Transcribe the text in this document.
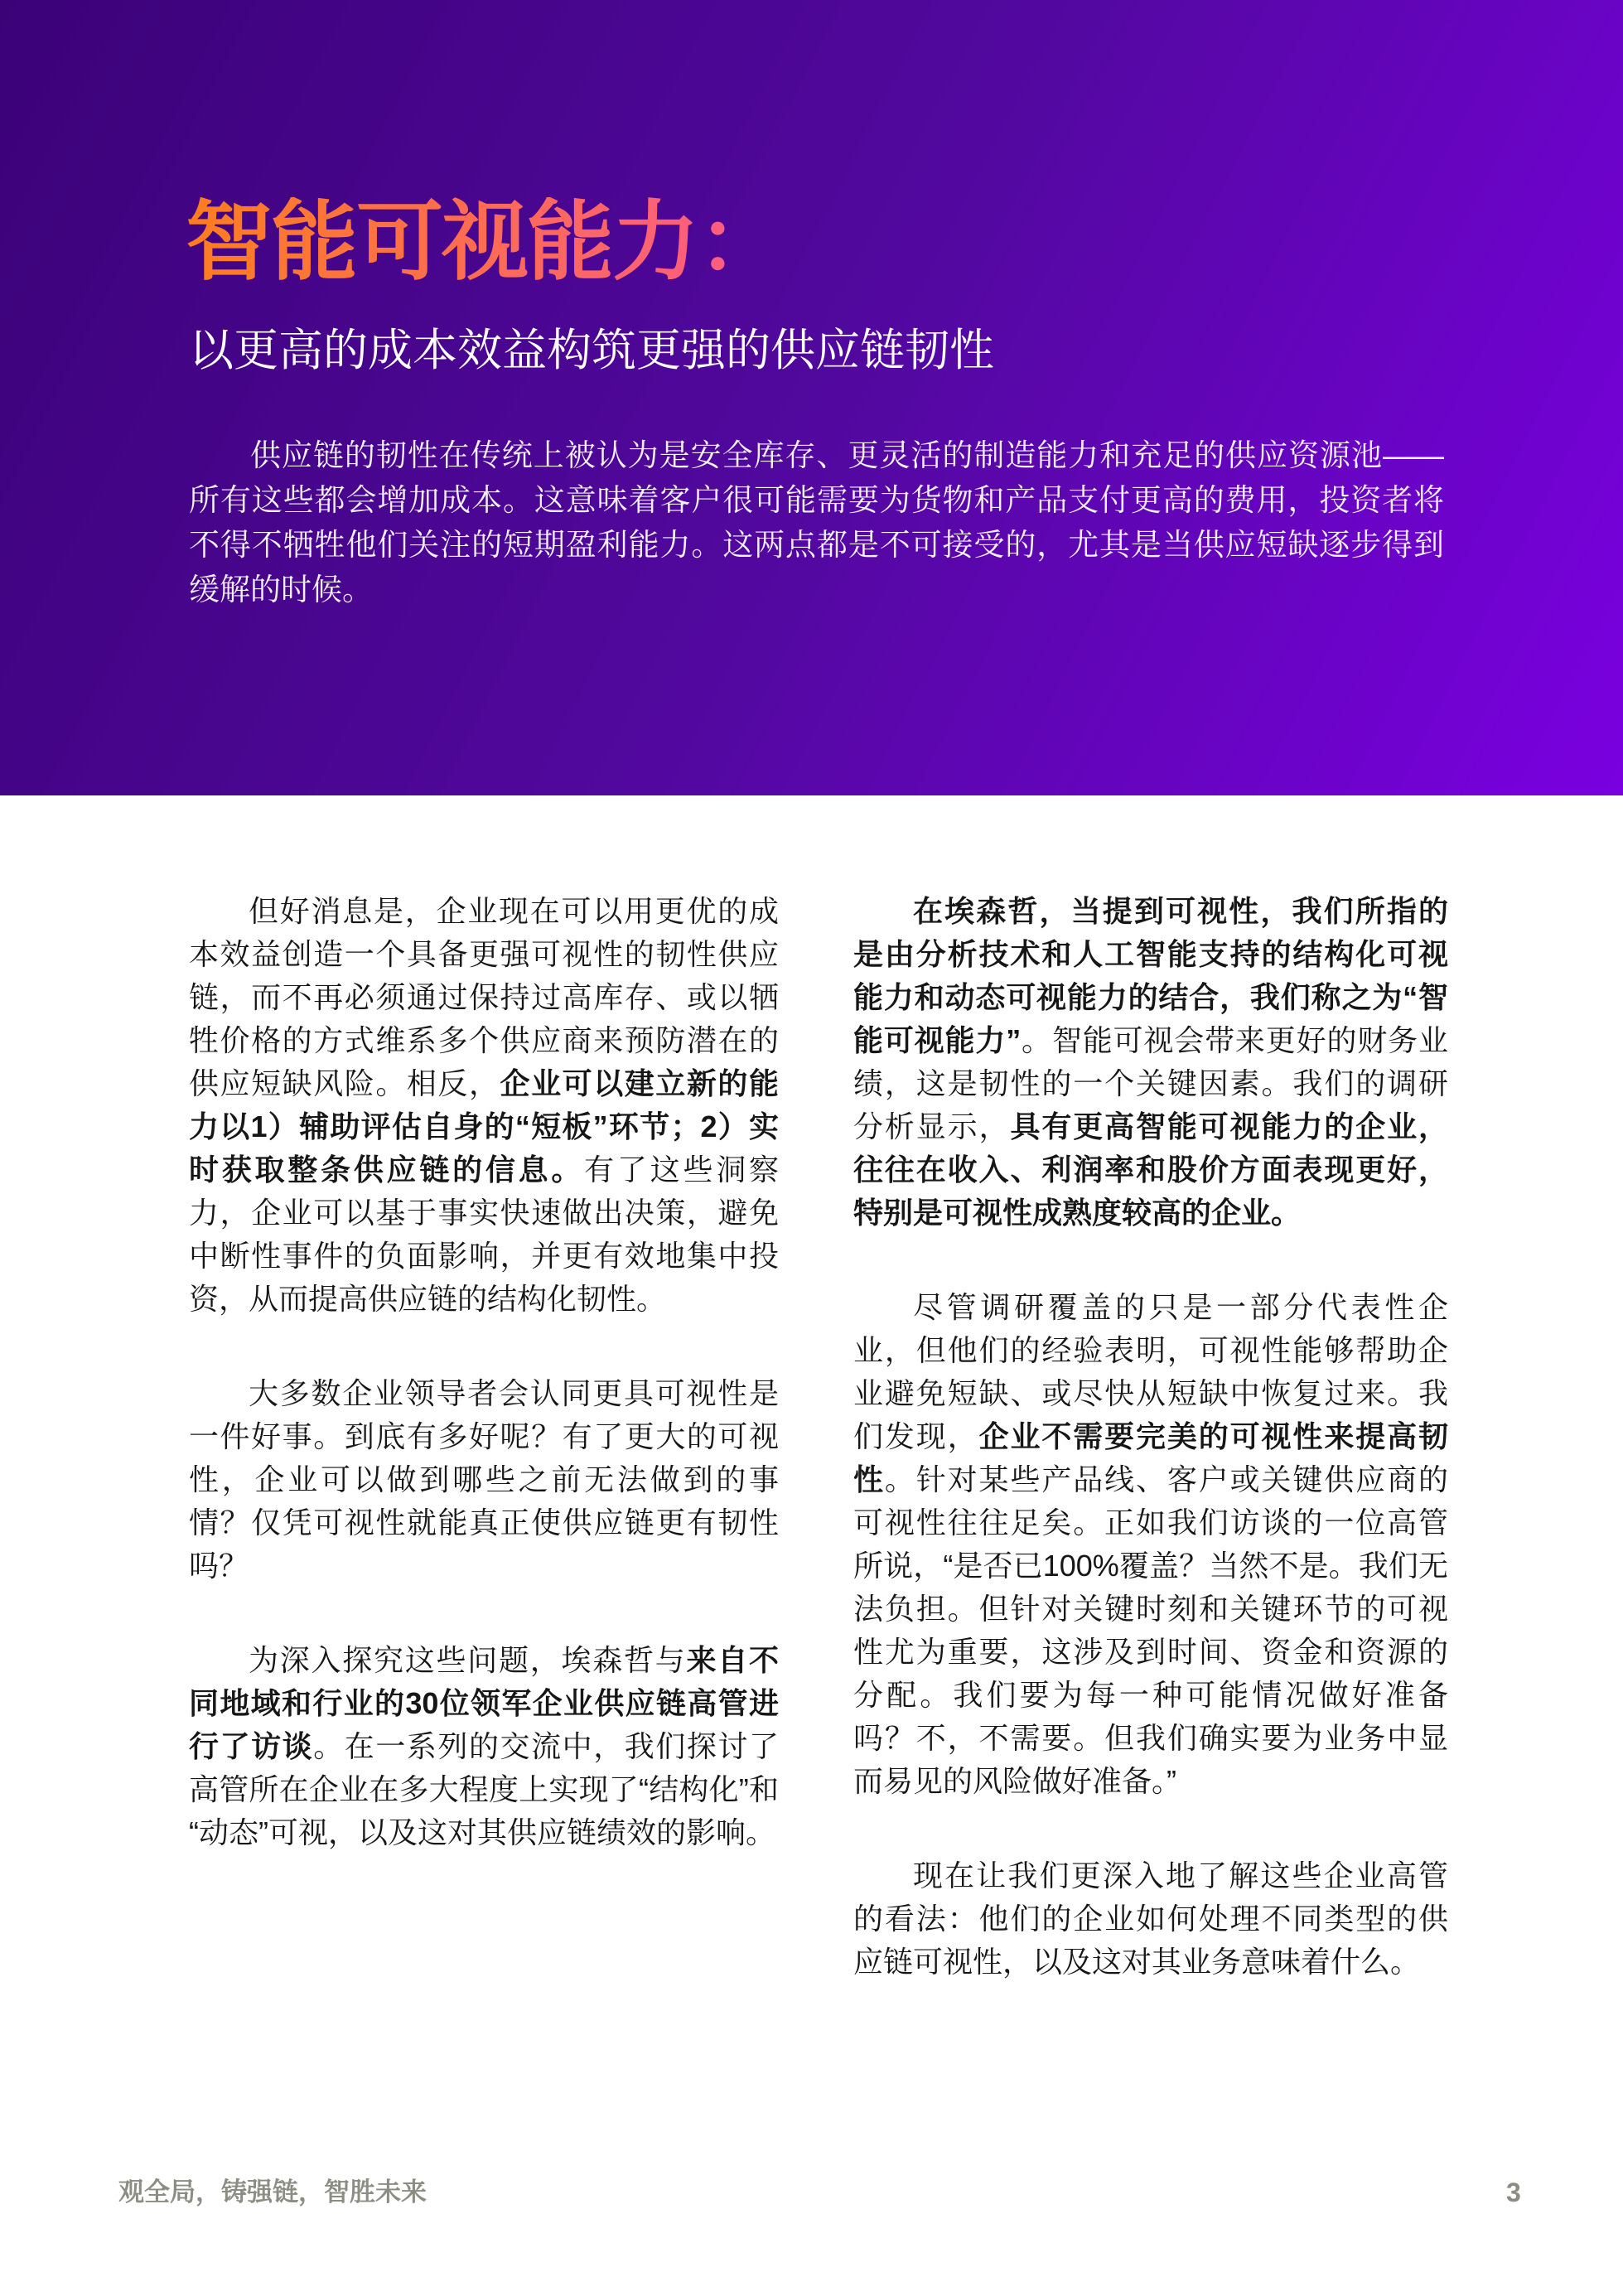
智能可视能力：
以更高的成本效益构筑更强的供应链韧性

供应链的韧性在传统上被认为是安全库存、更灵活的制造能力和充足的供应资源池——所有这些都会增加成本。这意味着客户很可能需要为货物和产品支付更高的费用，投资者将不得不牺牲他们关注的短期盈利能力。这两点都是不可接受的，尤其是当供应短缺逐步得到缓解的时候。

但好消息是，企业现在可以用更优的成本效益创造一个具备更强可视性的韧性供应链，而不再必须通过保持过高库存、或以牺牲价格的方式维系多个供应商来预防潜在的供应短缺风险。相反，企业可以建立新的能力以1）辅助评估自身的“短板”环节；2）实时获取整条供应链的信息。有了这些洞察力，企业可以基于事实快速做出决策，避免中断性事件的负面影响，并更有效地集中投资，从而提高供应链的结构化韧性。

大多数企业领导者会认同更具可视性是一件好事。到底有多好呢？有了更大的可视性，企业可以做到哪些之前无法做到的事情？仅凭可视性就能真正使供应链更有韧性吗？

为深入探究这些问题，埃森哲与来自不同地域和行业的30位领军企业供应链高管进行了访谈。在一系列的交流中，我们探讨了高管所在企业在多大程度上实现了“结构化”和“动态”可视，以及这对其供应链绩效的影响。

在埃森哲，当提到可视性，我们所指的是由分析技术和人工智能支持的结构化可视能力和动态可视能力的结合，我们称之为“智能可视能力”。智能可视会带来更好的财务业绩，这是韧性的一个关键因素。我们的调研分析显示，具有更高智能可视能力的企业，往往在收入、利润率和股价方面表现更好，特别是可视性成熟度较高的企业。

尽管调研覆盖的只是一部分代表性企业，但他们的经验表明，可视性能够帮助企业避免短缺、或尽快从短缺中恢复过来。我们发现，企业不需要完美的可视性来提高韧性。针对某些产品线、客户或关键供应商的可视性往往足矣。正如我们访谈的一位高管所说，“是否已100%覆盖？当然不是。我们无法负担。但针对关键时刻和关键环节的可视性尤为重要，这涉及到时间、资金和资源的分配。我们要为每一种可能情况做好准备吗？不，不需要。但我们确实要为业务中显而易见的风险做好准备。”

现在让我们更深入地了解这些企业高管的看法：他们的企业如何处理不同类型的供应链可视性，以及这对其业务意味着什么。

观全局，铸强链，智胜未来	3
